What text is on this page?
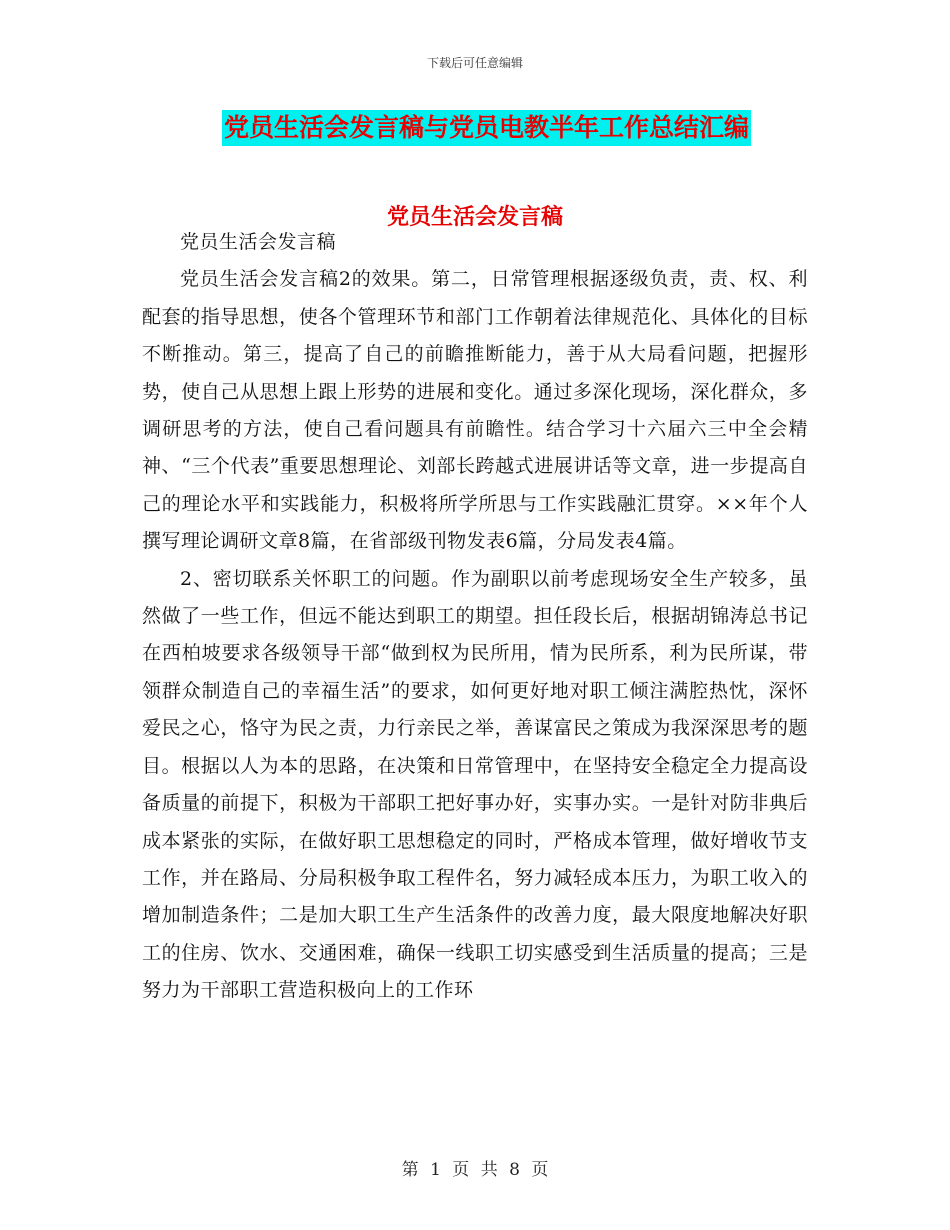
下载后可任意编辑
党员生活会发言稿与党员电教半年工作总结汇编
党员生活会发言稿

党员生活会发言稿

党员生活会发言稿2的效果。第二，日常管理根据逐级负责，责、权、利配套的指导思想，使各个管理环节和部门工作朝着法律规范化、具体化的目标不断推动。第三，提高了自己的前瞻推断能力，善于从大局看问题，把握形势，使自己从思想上跟上形势的进展和变化。通过多深化现场，深化群众，多调研思考的方法，使自己看问题具有前瞻性。结合学习十六届六三中全会精神、“三个代表”重要思想理论、刘部长跨越式进展讲话等文章，进一步提高自己的理论水平和实践能力，积极将所学所思与工作实践融汇贯穿。××年个人撰写理论调研文章8篇，在省部级刊物发表6篇，分局发表4篇。

2、密切联系关怀职工的问题。作为副职以前考虑现场安全生产较多，虽然做了一些工作，但远不能达到职工的期望。担任段长后，根据胡锦涛总书记在西柏坡要求各级领导干部“做到权为民所用，情为民所系，利为民所谋，带领群众制造自己的幸福生活”的要求，如何更好地对职工倾注满腔热忱，深怀爱民之心，恪守为民之责，力行亲民之举，善谋富民之策成为我深深思考的题目。根据以人为本的思路，在决策和日常管理中，在坚持安全稳定全力提高设备质量的前提下，积极为干部职工把好事办好，实事办实。一是针对防非典后成本紧张的实际，在做好职工思想稳定的同时，严格成本管理，做好增收节支工作，并在路局、分局积极争取工程件名，努力减轻成本压力，为职工收入的增加制造条件；二是加大职工生产生活条件的改善力度，最大限度地解决好职工的住房、饮水、交通困难，确保一线职工切实感受到生活质量的提高；三是努力为干部职工营造积极向上的工作环

第 1 页 共 8 页
